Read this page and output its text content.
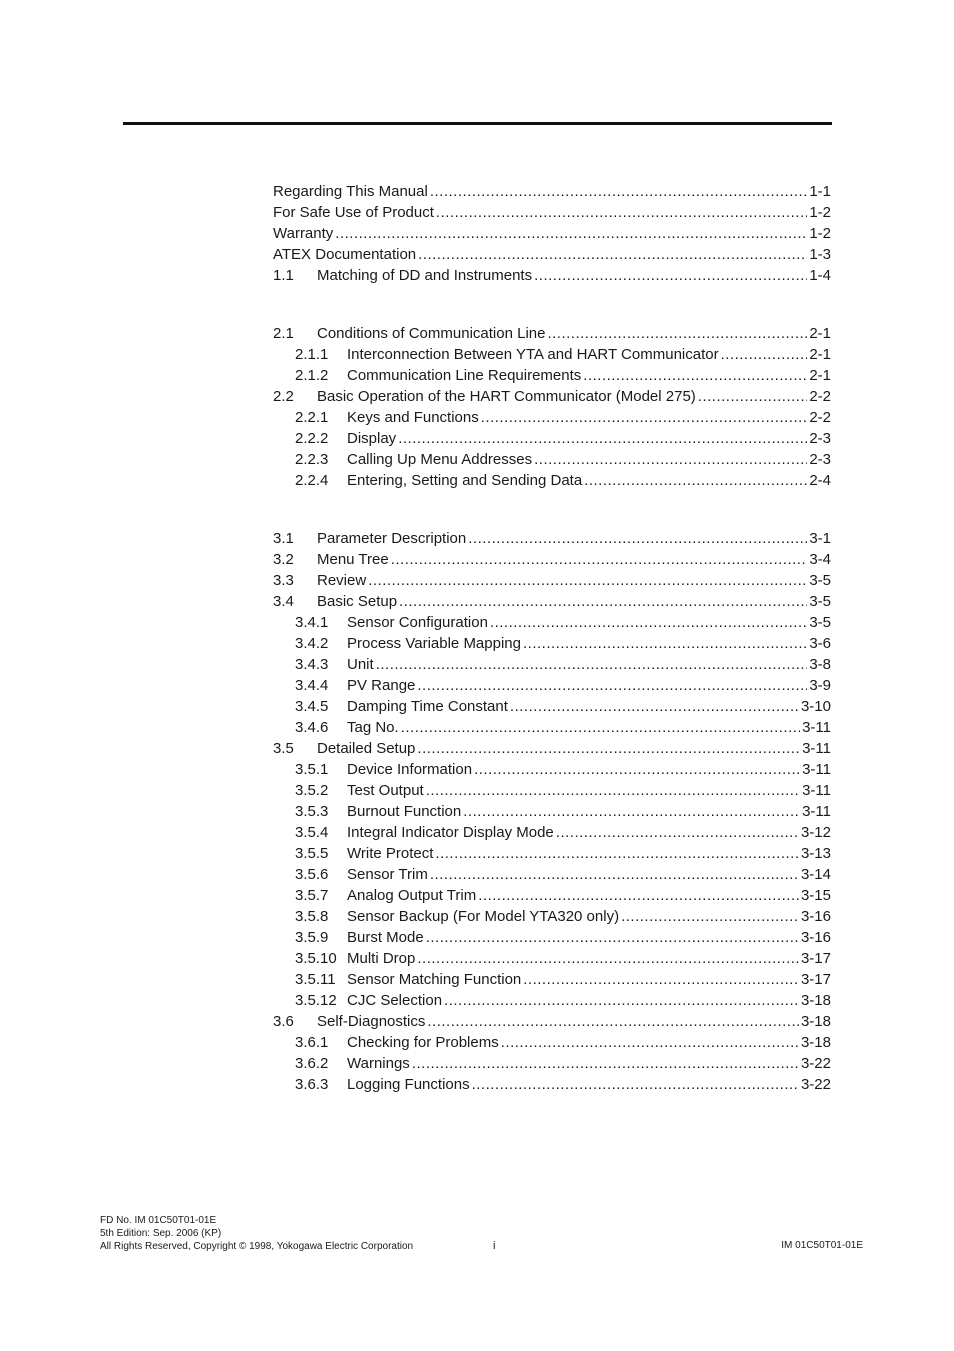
Regarding This Manual .....	1-1
For Safe Use of Product .....	1-2
Warranty .....	1-2
ATEX Documentation .....	1-3
1.1	Matching of DD and Instruments .....	1-4
2.1	Conditions of Communication Line .....	2-1
2.1.1	Interconnection Between YTA and HART Communicator .....	2-1
2.1.2	Communication Line Requirements .....	2-1
2.2	Basic Operation of the HART Communicator (Model 275) .....	2-2
2.2.1	Keys and Functions .....	2-2
2.2.2	Display .....	2-3
2.2.3	Calling Up Menu Addresses .....	2-3
2.2.4	Entering, Setting and Sending Data .....	2-4
3.1	Parameter Description .....	3-1
3.2	Menu Tree .....	3-4
3.3	Review .....	3-5
3.4	Basic Setup .....	3-5
3.4.1	Sensor Configuration .....	3-5
3.4.2	Process Variable Mapping .....	3-6
3.4.3	Unit .....	3-8
3.4.4	PV Range .....	3-9
3.4.5	Damping Time Constant .....	3-10
3.4.6	Tag No. .....	3-11
3.5	Detailed Setup .....	3-11
3.5.1	Device Information .....	3-11
3.5.2	Test Output .....	3-11
3.5.3	Burnout Function .....	3-11
3.5.4	Integral Indicator Display Mode .....	3-12
3.5.5	Write Protect .....	3-13
3.5.6	Sensor Trim .....	3-14
3.5.7	Analog Output Trim .....	3-15
3.5.8	Sensor Backup (For Model YTA320 only) .....	3-16
3.5.9	Burst Mode .....	3-16
3.5.10 Multi Drop .....	3-17
3.5.11 Sensor Matching Function .....	3-17
3.5.12 CJC Selection .....	3-18
3.6	Self-Diagnostics .....	3-18
3.6.1	Checking for Problems .....	3-18
3.6.2	Warnings .....	3-22
3.6.3	Logging Functions .....	3-22
FD No. IM 01C50T01-01E
5th Edition: Sep. 2006 (KP)
All Rights Reserved, Copyright © 1998, Yokogawa Electric Corporation	i	IM 01C50T01-01E
